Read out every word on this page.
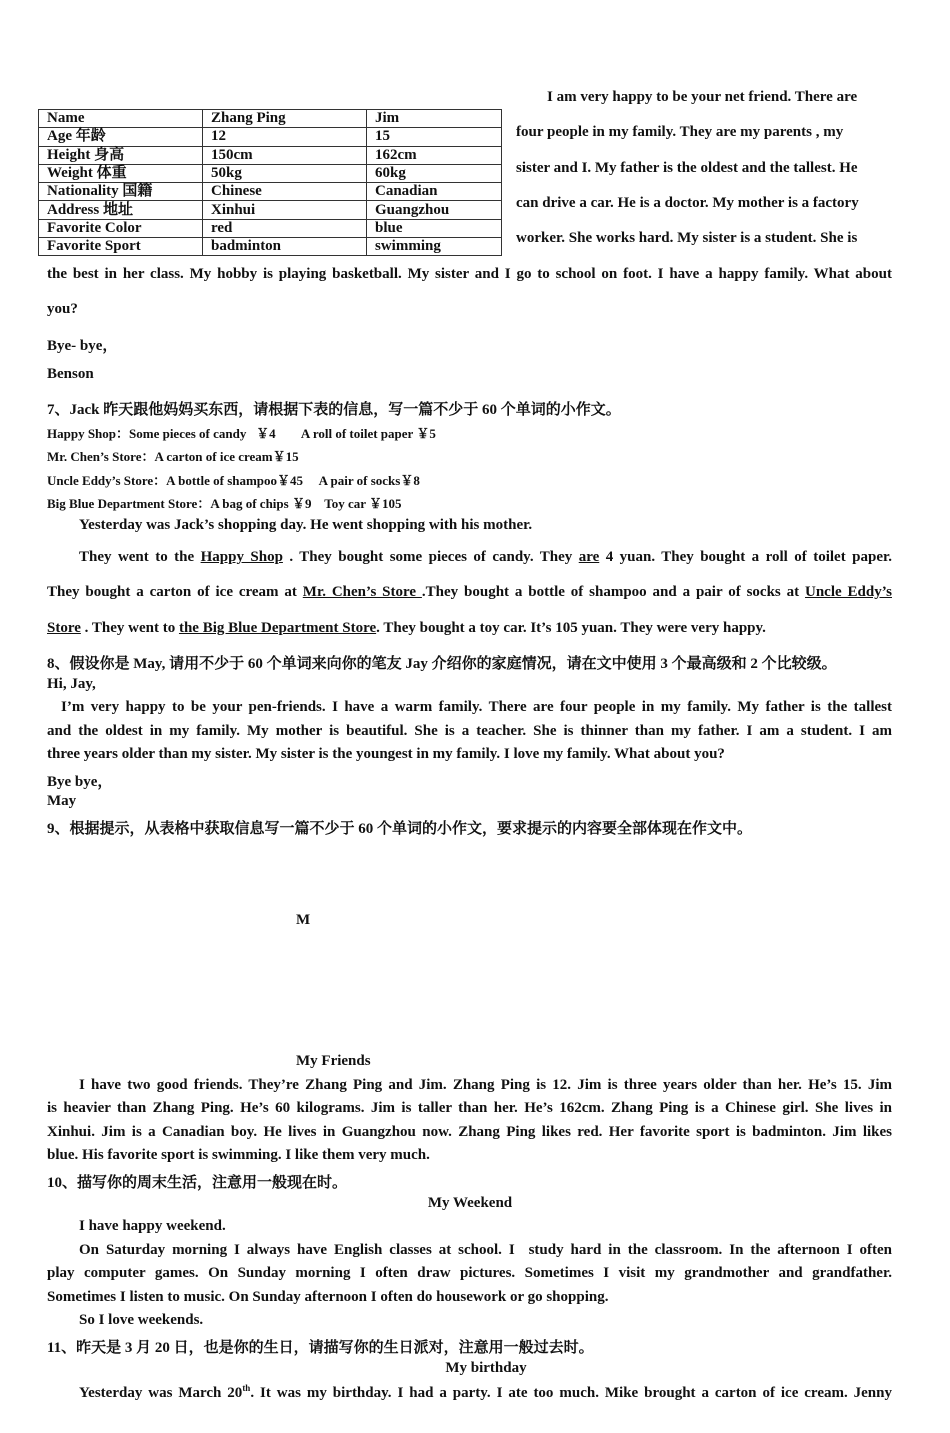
Name	Zhang Ping	Jim
Age 年龄	12	15
Height 身高	150cm	162cm
Weight 体重	50kg	60kg
Nationality 国籍	Chinese	Canadian
Address 地址	Xinhui	Guangzhou
Favorite Color	red	blue
Favorite Sport	badminton	swimming
I am very happy to be your net friend. There are
four people in my family. They are my parents , my
sister and I. My father is the oldest and the tallest. He
can drive a car. He is a doctor. My mother is a factory
worker. She works hard. My sister is a student. She is
the best in her class. My hobby is playing basketball. My sister and I go to school on foot. I have a happy family. What about
you?
Bye- bye，
Benson
7、Jack 昨天跟他妈妈买东西，请根据下表的信息，写一篇不少于 60 个单词的小作文。
Happy Shop：Some pieces of candy   ￥4        A roll of toilet paper ￥5
Mr. Chen’s Store：A carton of ice cream￥15
Uncle Eddy’s Store：A bottle of shampoo￥45     A pair of socks￥8
Big Blue Department Store：A bag of chips ￥9    Toy car ￥105
Yesterday was Jack’s shopping day. He went shopping with his mother.
They went to the Happy Shop . They bought some pieces of candy. They are 4 yuan. They bought a roll of toilet paper.
They bought a carton of ice cream at Mr. Chen’s Store .They bought a bottle of shampoo and a pair of socks at Uncle Eddy’s
Store . They went to the Big Blue Department Store. They bought a toy car. It’s 105 yuan. They were very happy.
8、假设你是 May, 请用不少于 60 个单词来向你的笔友 Jay 介绍你的家庭情况，请在文中使用 3 个最高级和 2 个比较级。
Hi, Jay,
I’m very happy to be your pen-friends. I have a warm family. There are four people in my family. My father is the tallest
and the oldest in my family. My mother is beautiful. She is a teacher. She is thinner than my father. I am a student. I am
three years older than my sister. My sister is the youngest in my family. I love my family. What about you?
Bye bye，
May
9、根据提示，从表格中获取信息写一篇不少于 60 个单词的小作文，要求提示的内容要全部体现在作文中。
M
My Friends
I have two good friends. They’re Zhang Ping and Jim. Zhang Ping is 12. Jim is three years older than her. He’s 15. Jim
is heavier than Zhang Ping. He’s 60 kilograms. Jim is taller than her. He’s 162cm. Zhang Ping is a Chinese girl. She lives in
Xinhui. Jim is a Canadian boy. He lives in Guangzhou now. Zhang Ping likes red. Her favorite sport is badminton. Jim likes
blue. His favorite sport is swimming. I like them very much.
10、描写你的周末生活，注意用一般现在时。
My Weekend
I have happy weekend.
On Saturday morning I always have English classes at school. I  study hard in the classroom. In the afternoon I often
play computer games. On Sunday morning I often draw pictures. Sometimes I visit my grandmother and grandfather.
Sometimes I listen to music. On Sunday afternoon I often do housework or go shopping.
So I love weekends.
11、昨天是 3 月 20 日，也是你的生日，请描写你的生日派对，注意用一般过去时。
My birthday
Yesterday was March 20th. It was my birthday. I had a party. I ate too much. Mike brought a carton of ice cream. Jenny
